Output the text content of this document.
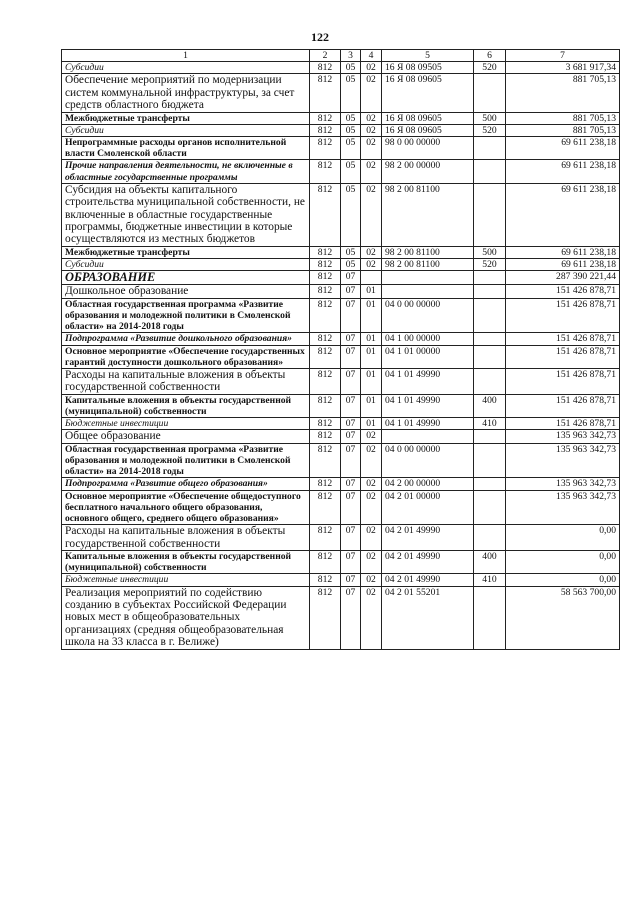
122
1	2	3	4	5	6	7
Субсидии	812	05	02	16 Я 08 09505	520	3 681 917,34
Обеспечение мероприятий по модернизации систем коммунальной инфраструктуры, за счет средств областного бюджета	812	05	02	16 Я 08 09605		881 705,13
Межбюджетные трансферты	812	05	02	16 Я 08 09605	500	881 705,13
Субсидии	812	05	02	16 Я 08 09605	520	881 705,13
Непрограммные расходы органов исполнительной власти Смоленской области	812	05	02	98 0 00 00000		69 611 238,18
Прочие направления деятельности, не включенные в областные государственные программы	812	05	02	98 2 00 00000		69 611 238,18
Субсидия на объекты капитального строительства муниципальной собственности, не включенные в областные государственные программы, бюджетные инвестиции в которые осуществляются из местных бюджетов	812	05	02	98 2 00 81100		69 611 238,18
Межбюджетные трансферты	812	05	02	98 2 00 81100	500	69 611 238,18
Субсидии	812	05	02	98 2 00 81100	520	69 611 238,18
ОБРАЗОВАНИЕ	812	07				287 390 221,44
Дошкольное образование	812	07	01			151 426 878,71
Областная государственная программа «Развитие образования и молодежной политики в Смоленской области» на 2014-2018 годы	812	07	01	04 0 00 00000		151 426 878,71
Подпрограмма «Развитие дошкольного образования»	812	07	01	04 1 00 00000		151 426 878,71
Основное мероприятие «Обеспечение государственных гарантий доступности дошкольного образования»	812	07	01	04 1 01 00000		151 426 878,71
Расходы на капитальные вложения в объекты государственной собственности	812	07	01	04 1 01 49990		151 426 878,71
Капитальные вложения в объекты государственной (муниципальной) собственности	812	07	01	04 1 01 49990	400	151 426 878,71
Бюджетные инвестиции	812	07	01	04 1 01 49990	410	151 426 878,71
Общее образование	812	07	02			135 963 342,73
Областная государственная программа «Развитие образования и молодежной политики в Смоленской области» на 2014-2018 годы	812	07	02	04 0 00 00000		135 963 342,73
Подпрограмма «Развитие общего образования»	812	07	02	04 2 00 00000		135 963 342,73
Основное мероприятие «Обеспечение общедоступного бесплатного начального общего образования, основного общего, среднего общего образования»	812	07	02	04 2 01 00000		135 963 342,73
Расходы на капитальные вложения в объекты государственной собственности	812	07	02	04 2 01 49990		0,00
Капитальные вложения в объекты государственной (муниципальной) собственности	812	07	02	04 2 01 49990	400	0,00
Бюджетные инвестиции	812	07	02	04 2 01 49990	410	0,00
Реализация мероприятий по содействию созданию в субъектах Российской Федерации новых мест в общеобразовательных организациях (средняя общеобразовательная школа на 33 класса в г. Велиже)	812	07	02	04 2 01 55201		58 563 700,00
